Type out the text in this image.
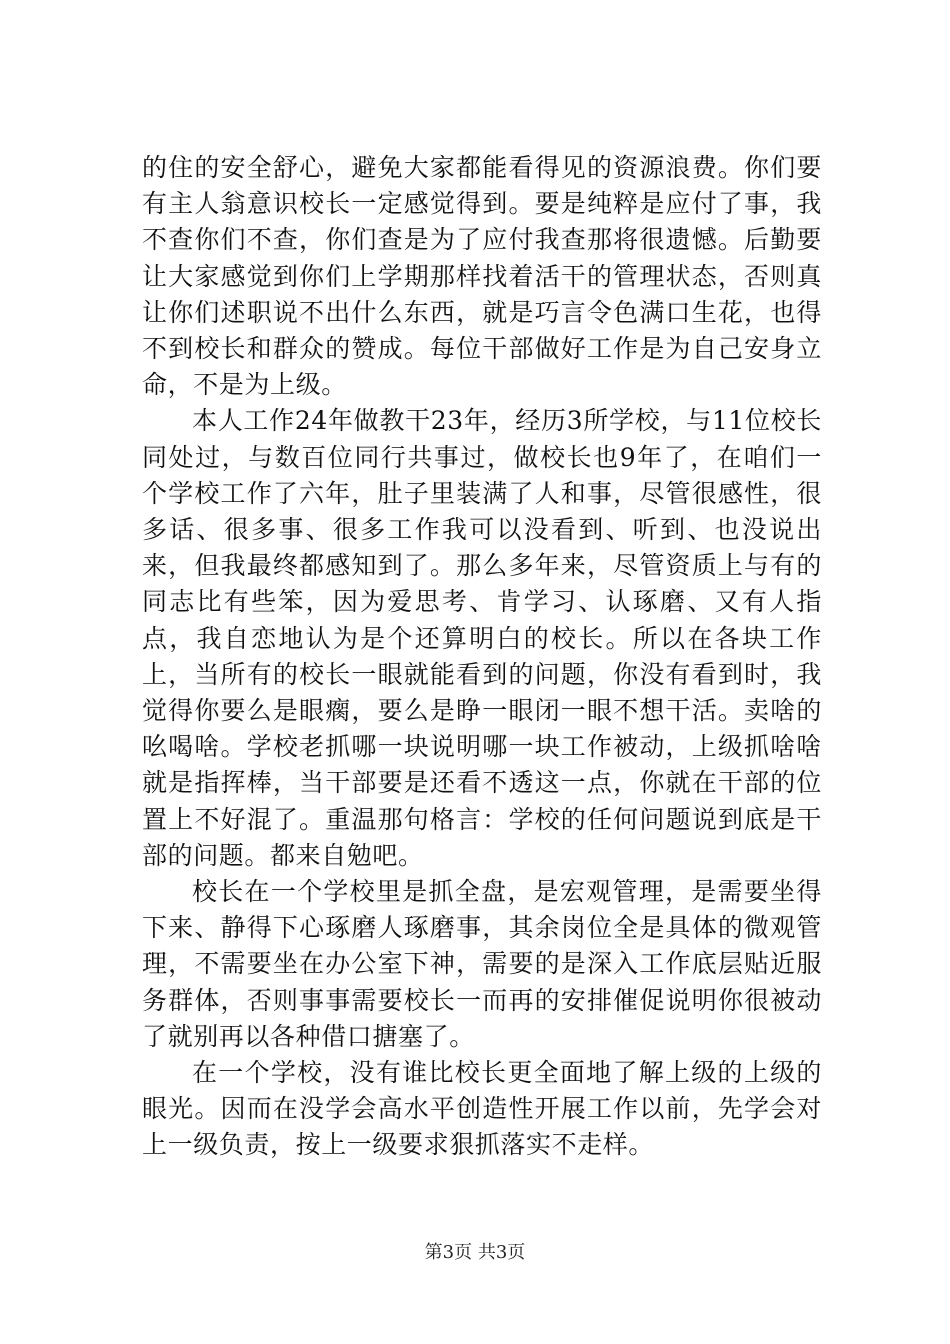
的住的安全舒心，避免大家都能看得见的资源浪费。你们要有主人翁意识校长一定感觉得到。要是纯粹是应付了事，我不查你们不查，你们查是为了应付我查那将很遗憾。后勤要让大家感觉到你们上学期那样找着活干的管理状态，否则真让你们述职说不出什么东西，就是巧言令色满口生花，也得不到校长和群众的赞成。每位干部做好工作是为自己安身立命，不是为上级。

本人工作24年做教干23年，经历3所学校，与11位校长同处过，与数百位同行共事过，做校长也9年了，在咱们一个学校工作了六年，肚子里装满了人和事，尽管很感性，很多话、很多事、很多工作我可以没看到、听到、也没说出来，但我最终都感知到了。那么多年来，尽管资质上与有的同志比有些笨，因为爱思考、肯学习、认琢磨、又有人指点，我自恋地认为是个还算明白的校长。所以在各块工作上，当所有的校长一眼就能看到的问题，你没有看到时，我觉得你要么是眼瘸，要么是睁一眼闭一眼不想干活。卖啥的吆喝啥。学校老抓哪一块说明哪一块工作被动，上级抓啥啥就是指挥棒，当干部要是还看不透这一点，你就在干部的位置上不好混了。重温那句格言：学校的任何问题说到底是干部的问题。都来自勉吧。

校长在一个学校里是抓全盘，是宏观管理，是需要坐得下来、静得下心琢磨人琢磨事，其余岗位全是具体的微观管理，不需要坐在办公室下神，需要的是深入工作底层贴近服务群体，否则事事需要校长一而再的安排催促说明你很被动了就别再以各种借口搪塞了。

在一个学校，没有谁比校长更全面地了解上级的上级的眼光。因而在没学会高水平创造性开展工作以前，先学会对上一级负责，按上一级要求狠抓落实不走样。

第3页 共3页
